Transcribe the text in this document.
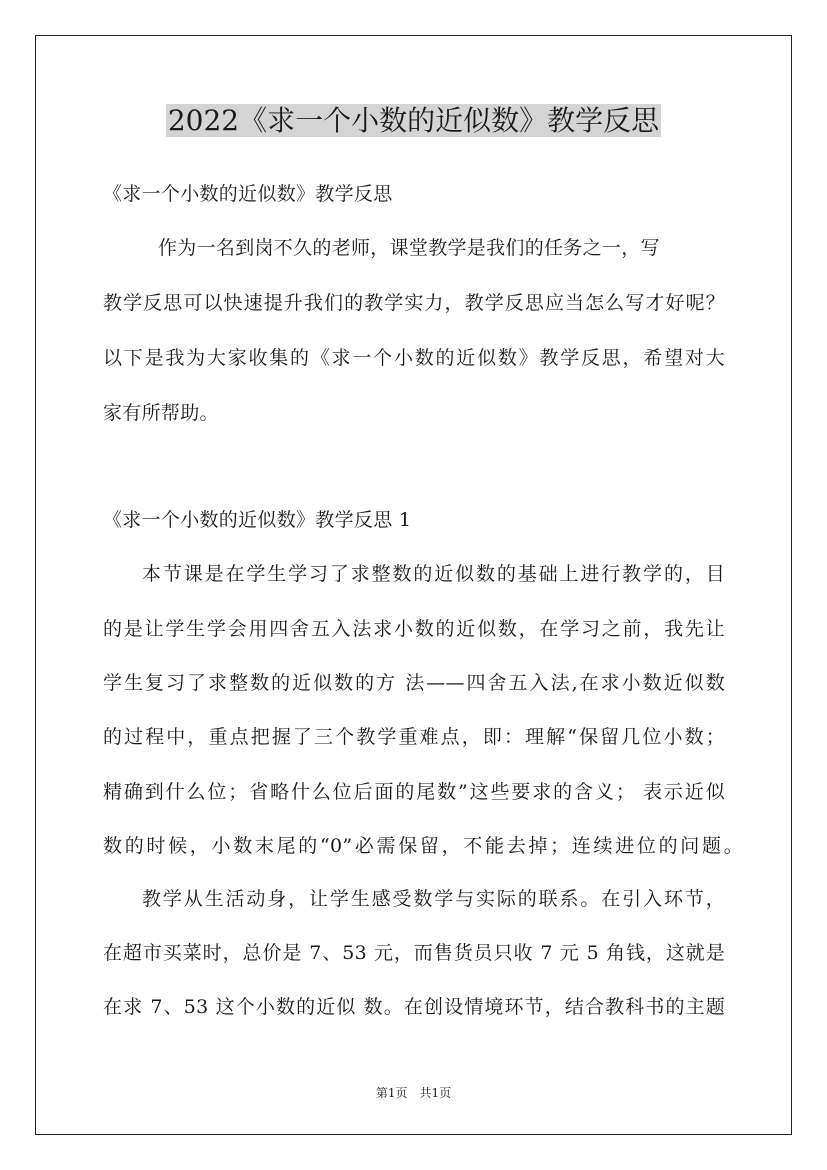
2022《求一个小数的近似数》教学反思
《求一个小数的近似数》教学反思
作为一名到岗不久的老师，课堂教学是我们的任务之一，写
教学反思可以快速提升我们的教学实力，教学反思应当怎么写才好呢？
以下是我为大家收集的《求一个小数的近似数》教学反思，希望对大
家有所帮助。
《求一个小数的近似数》教学反思 1
本节课是在学生学习了求整数的近似数的基础上进行教学的，目
的是让学生学会用四舍五入法求小数的近似数，在学习之前，我先让
学生复习了求整数的近似数的方 法——四舍五入法,在求小数近似数
的过程中，重点把握了三个教学重难点，即：理解“保留几位小数；
精确到什么位；省略什么位后面的尾数”这些要求的含义； 表示近似
数的时候，小数末尾的“0”必需保留，不能去掉；连续进位的问题。
教学从生活动身，让学生感受数学与实际的联系。在引入环节，
在超市买菜时，总价是 7、53 元，而售货员只收 7 元 5 角钱，这就是
在求 7、53 这个小数的近似 数。在创设情境环节，结合教科书的主题
第1页　共1页
